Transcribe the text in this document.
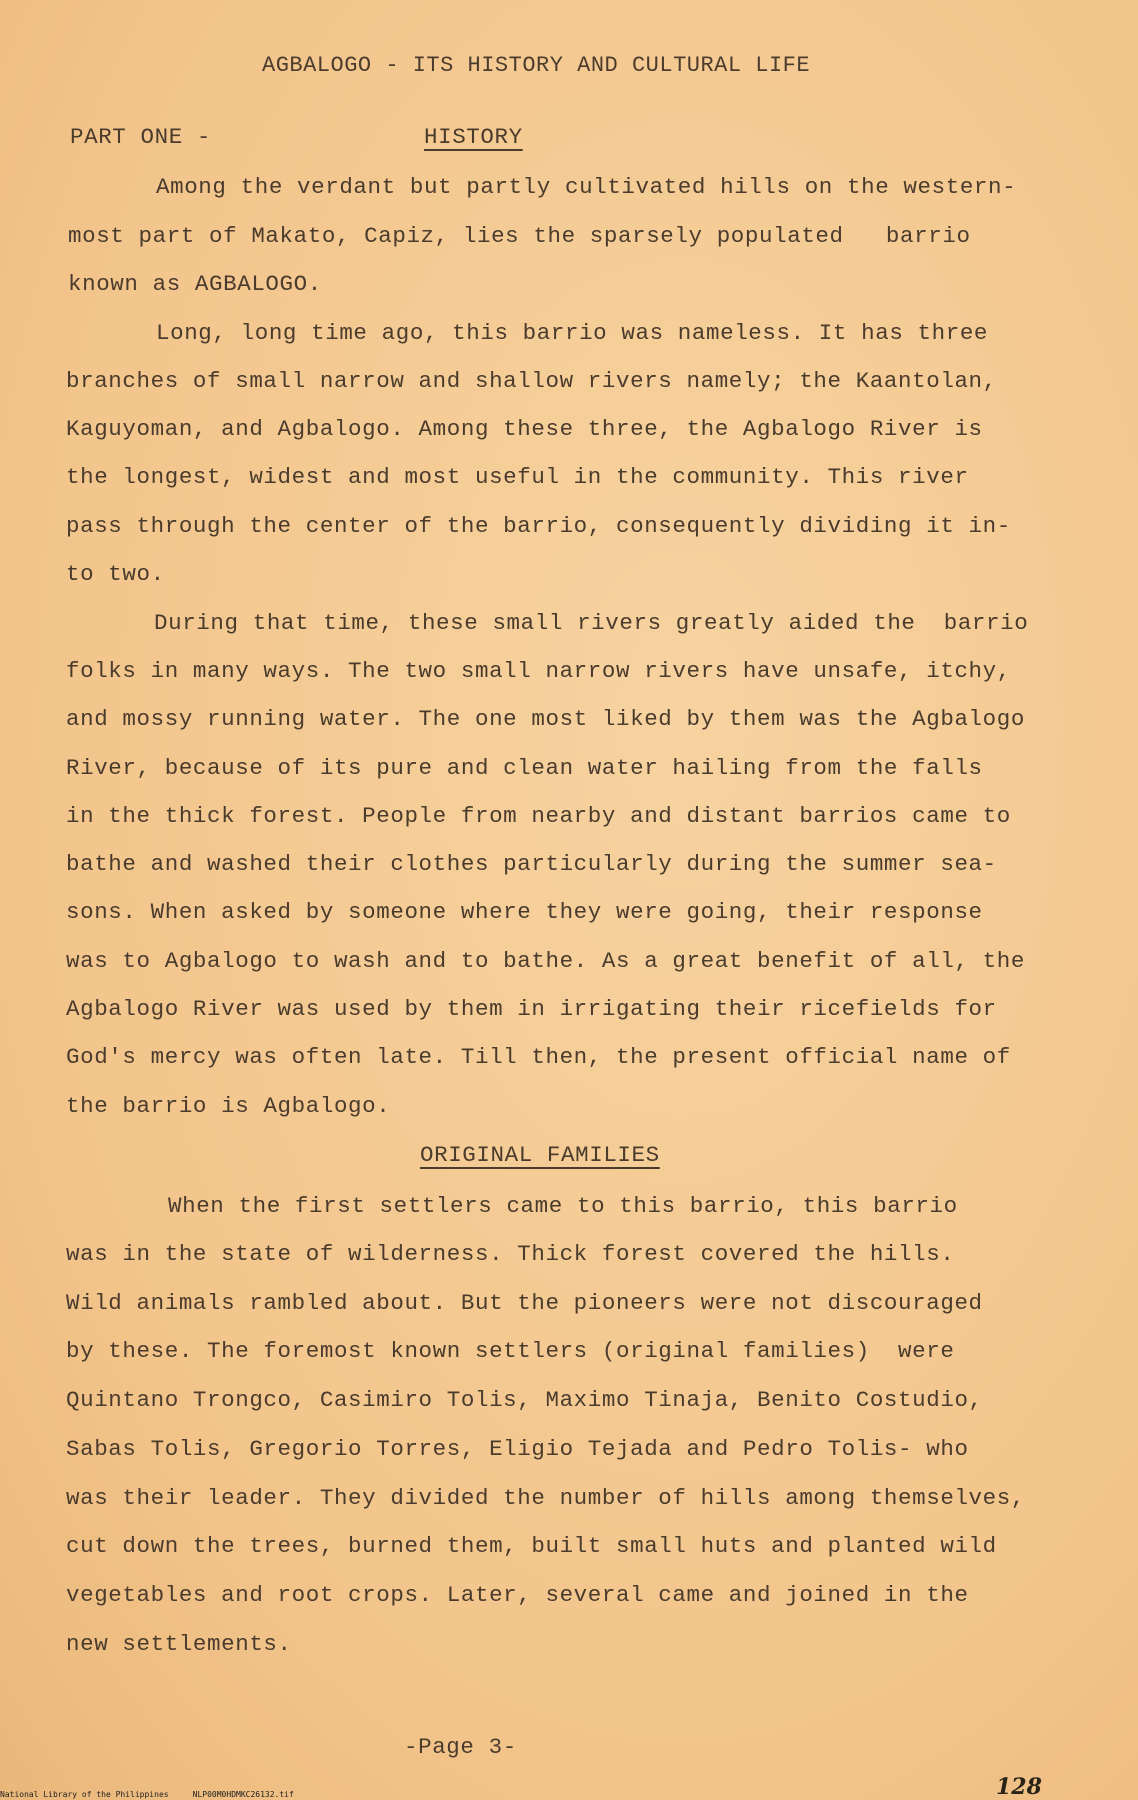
AGBALOGO - ITS HISTORY AND CULTURAL LIFE
PART ONE -	HISTORY
Among the verdant but partly cultivated hills on the western-
most part of Makato, Capiz, lies the sparsely populated   barrio
known as AGBALOGO.
Long, long time ago, this barrio was nameless. It has three
branches of small narrow and shallow rivers namely; the Kaantolan,
Kaguyoman, and Agbalogo. Among these three, the Agbalogo River is
the longest, widest and most useful in the community. This river
pass through the center of the barrio, consequently dividing it in-
to two.
During that time, these small rivers greatly aided the  barrio
folks in many ways. The two small narrow rivers have unsafe, itchy,
and mossy running water. The one most liked by them was the Agbalogo
River, because of its pure and clean water hailing from the falls
in the thick forest. People from nearby and distant barrios came to
bathe and washed their clothes particularly during the summer sea-
sons. When asked by someone where they were going, their response
was to Agbalogo to wash and to bathe. As a great benefit of all, the
Agbalogo River was used by them in irrigating their ricefields for
God's mercy was often late. Till then, the present official name of
the barrio is Agbalogo.
ORIGINAL FAMILIES
When the first settlers came to this barrio, this barrio
was in the state of wilderness. Thick forest covered the hills.
Wild animals rambled about. But the pioneers were not discouraged
by these. The foremost known settlers (original families)  were
Quintano Trongco, Casimiro Tolis, Maximo Tinaja, Benito Costudio,
Sabas Tolis, Gregorio Torres, Eligio Tejada and Pedro Tolis- who
was their leader. They divided the number of hills among themselves,
cut down the trees, burned them, built small huts and planted wild
vegetables and root crops. Later, several came and joined in the
new settlements.
-Page 3-
128
National Library of the Philippines     NLP00M0HDMKC26132.tif
